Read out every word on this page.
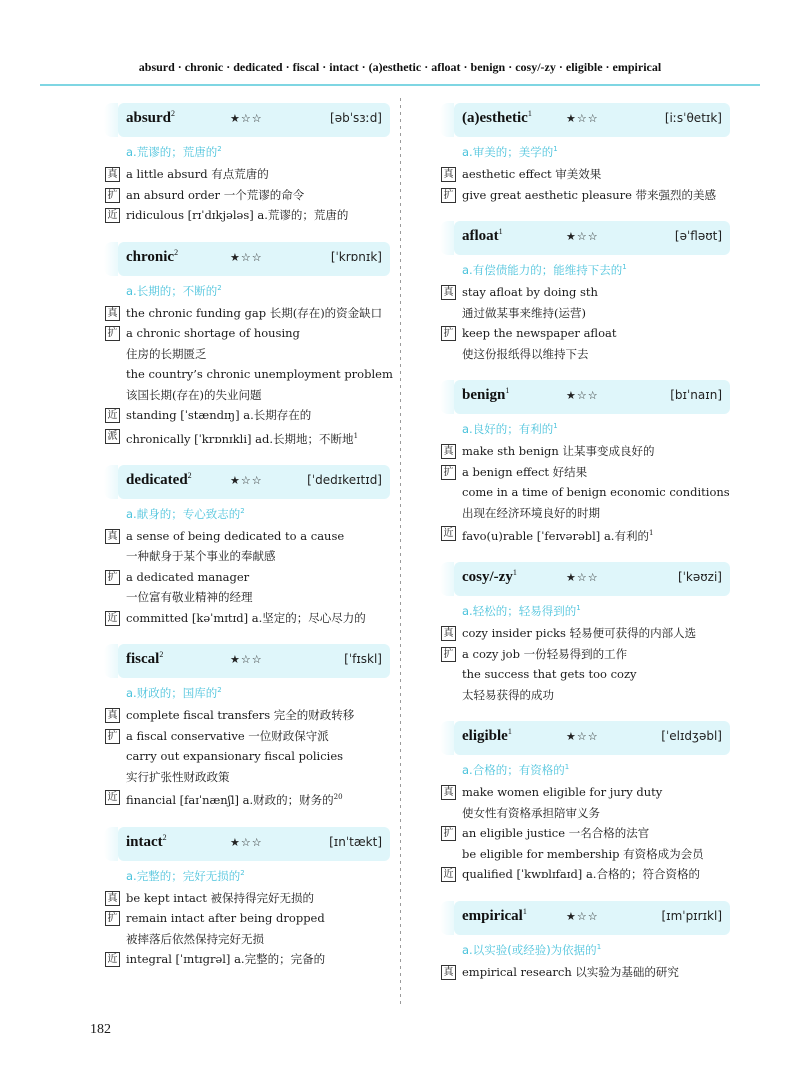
absurd · chronic · dedicated · fiscal · intact · (a)esthetic · afloat · benign · cosy/-zy · eligible · empirical
absurd$^2$	★☆☆	[əbˈsɜːd]
a.荒谬的；荒唐的$^2$
真 a little absurd 有点荒唐的
扩 an absurd order 一个荒谬的命令
近 ridiculous [rɪˈdɪkjələs] a.荒谬的；荒唐的
chronic$^2$	★☆☆	[ˈkrɒnɪk]
a.长期的；不断的$^2$
真 the chronic funding gap 长期(存在)的资金缺口
扩 a chronic shortage of housing
住房的长期匮乏
the country’s chronic unemployment problem
该国长期(存在)的失业问题
近 standing [ˈstændɪŋ] a.长期存在的
派 chronically [ˈkrɒnɪkli] ad.长期地；不断地$^1$
dedicated$^2$	★☆☆	[ˈdedɪkeɪtɪd]
a.献身的；专心致志的$^2$
真 a sense of being dedicated to a cause
一种献身于某个事业的奉献感
扩 a dedicated manager
一位富有敬业精神的经理
近 committed [kəˈmɪtɪd] a.坚定的；尽心尽力的
fiscal$^2$	★☆☆	[ˈfɪskl]
a.财政的；国库的$^2$
真 complete fiscal transfers 完全的财政转移
扩 a fiscal conservative 一位财政保守派
carry out expansionary fiscal policies
实行扩张性财政政策
近 financial [faɪˈnænʃl] a.财政的；财务的$^{20}$
intact$^2$	★☆☆	[ɪnˈtækt]
a.完整的；完好无损的$^2$
真 be kept intact 被保持得完好无损的
扩 remain intact after being dropped
被摔落后依然保持完好无损
近 integral [ˈɪntɪgrəl] a.完整的；完备的
(a)esthetic$^1$	★☆☆	[iːsˈθetɪk]
a.审美的；美学的$^1$
真 aesthetic effect 审美效果
扩 give great aesthetic pleasure 带来强烈的美感
afloat$^1$	★☆☆	[əˈfləʊt]
a.有偿债能力的；能维持下去的$^1$
真 stay afloat by doing sth
通过做某事来维持(运营)
扩 keep the newspaper afloat
使这份报纸得以维持下去
benign$^1$	★☆☆	[bɪˈnaɪn]
a.良好的；有利的$^1$
真 make sth benign 让某事变成良好的
扩 a benign effect 好结果
come in a time of benign economic conditions
出现在经济环境良好的时期
近 favo(u)rable [ˈfeɪvərəbl] a.有利的$^1$
cosy/$-zy^1$	★☆☆	[ˈkəʊzi]
a.轻松的；轻易得到的$^1$
真 cozy insider picks 轻易便可获得的内部人选
扩 a cozy job 一份轻易得到的工作
the success that gets too cozy
太轻易获得的成功
eligible$^1$	★☆☆	[ˈelɪdʒəbl]
a.合格的；有资格的$^1$
真 make women eligible for jury duty
使女性有资格承担陪审义务
扩 an eligible justice 一名合格的法官
be eligible for membership 有资格成为会员
近 qualified [ˈkwɒlɪfaɪd] a.合格的；符合资格的
empirical$^1$	★☆☆	[ɪmˈpɪrɪkl]
a.以实验(或经验)为依据的$^1$
真 empirical research 以实验为基础的研究
182
